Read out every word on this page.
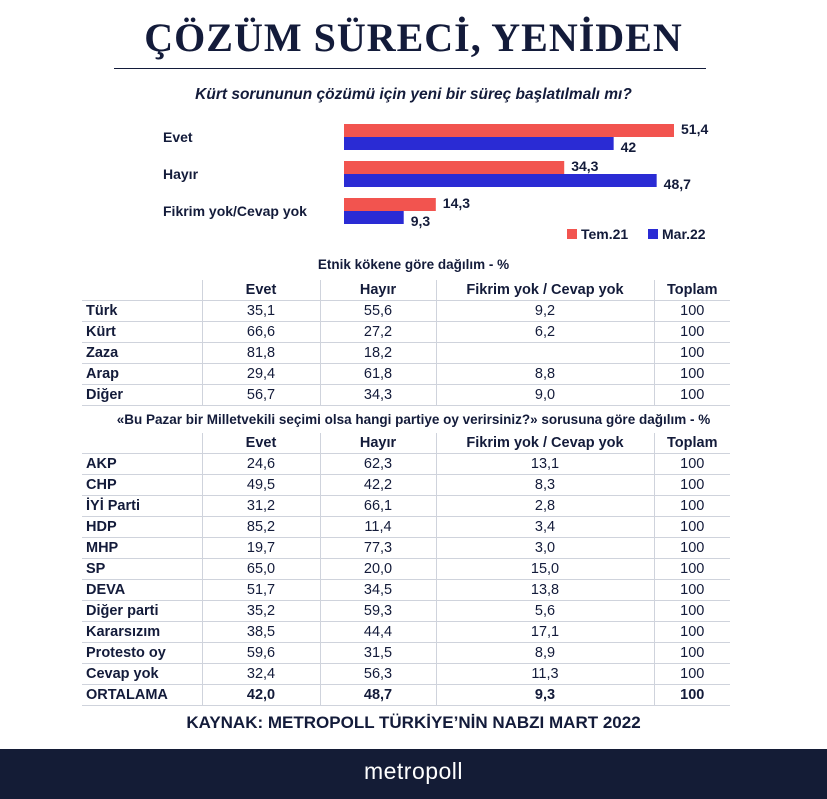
ÇÖZÜM SÜRECİ, YENİDEN
Kürt sorununun çözümü için yeni bir süreç başlatılmalı mı?
Evet	51,4
42
Hayır	34,3
48,7
Fikrim yok/Cevap yok	14,3
9,3
Tem.21 Mar.22
Etnik kökene göre dağılım - %
	Evet	Hayır	Fikrim yok / Cevap yok	Toplam
Türk	35,1	55,6	9,2	100
Kürt	66,6	27,2	6,2	100
Zaza	81,8	18,2		100
Arap	29,4	61,8	8,8	100
Diğer	56,7	34,3	9,0	100
«Bu Pazar bir Milletvekili seçimi olsa hangi partiye oy verirsiniz?» sorusuna göre dağılım - %
	Evet	Hayır	Fikrim yok / Cevap yok	Toplam
AKP	24,6	62,3	13,1	100
CHP	49,5	42,2	8,3	100
İYİ Parti	31,2	66,1	2,8	100
HDP	85,2	11,4	3,4	100
MHP	19,7	77,3	3,0	100
SP	65,0	20,0	15,0	100
DEVA	51,7	34,5	13,8	100
Diğer parti	35,2	59,3	5,6	100
Kararsızım	38,5	44,4	17,1	100
Protesto oy	59,6	31,5	8,9	100
Cevap yok	32,4	56,3	11,3	100
ORTALAMA	42,0	48,7	9,3	100
KAYNAK: METROPOLL TÜRKİYE’NİN NABZI MART 2022
metropoll
